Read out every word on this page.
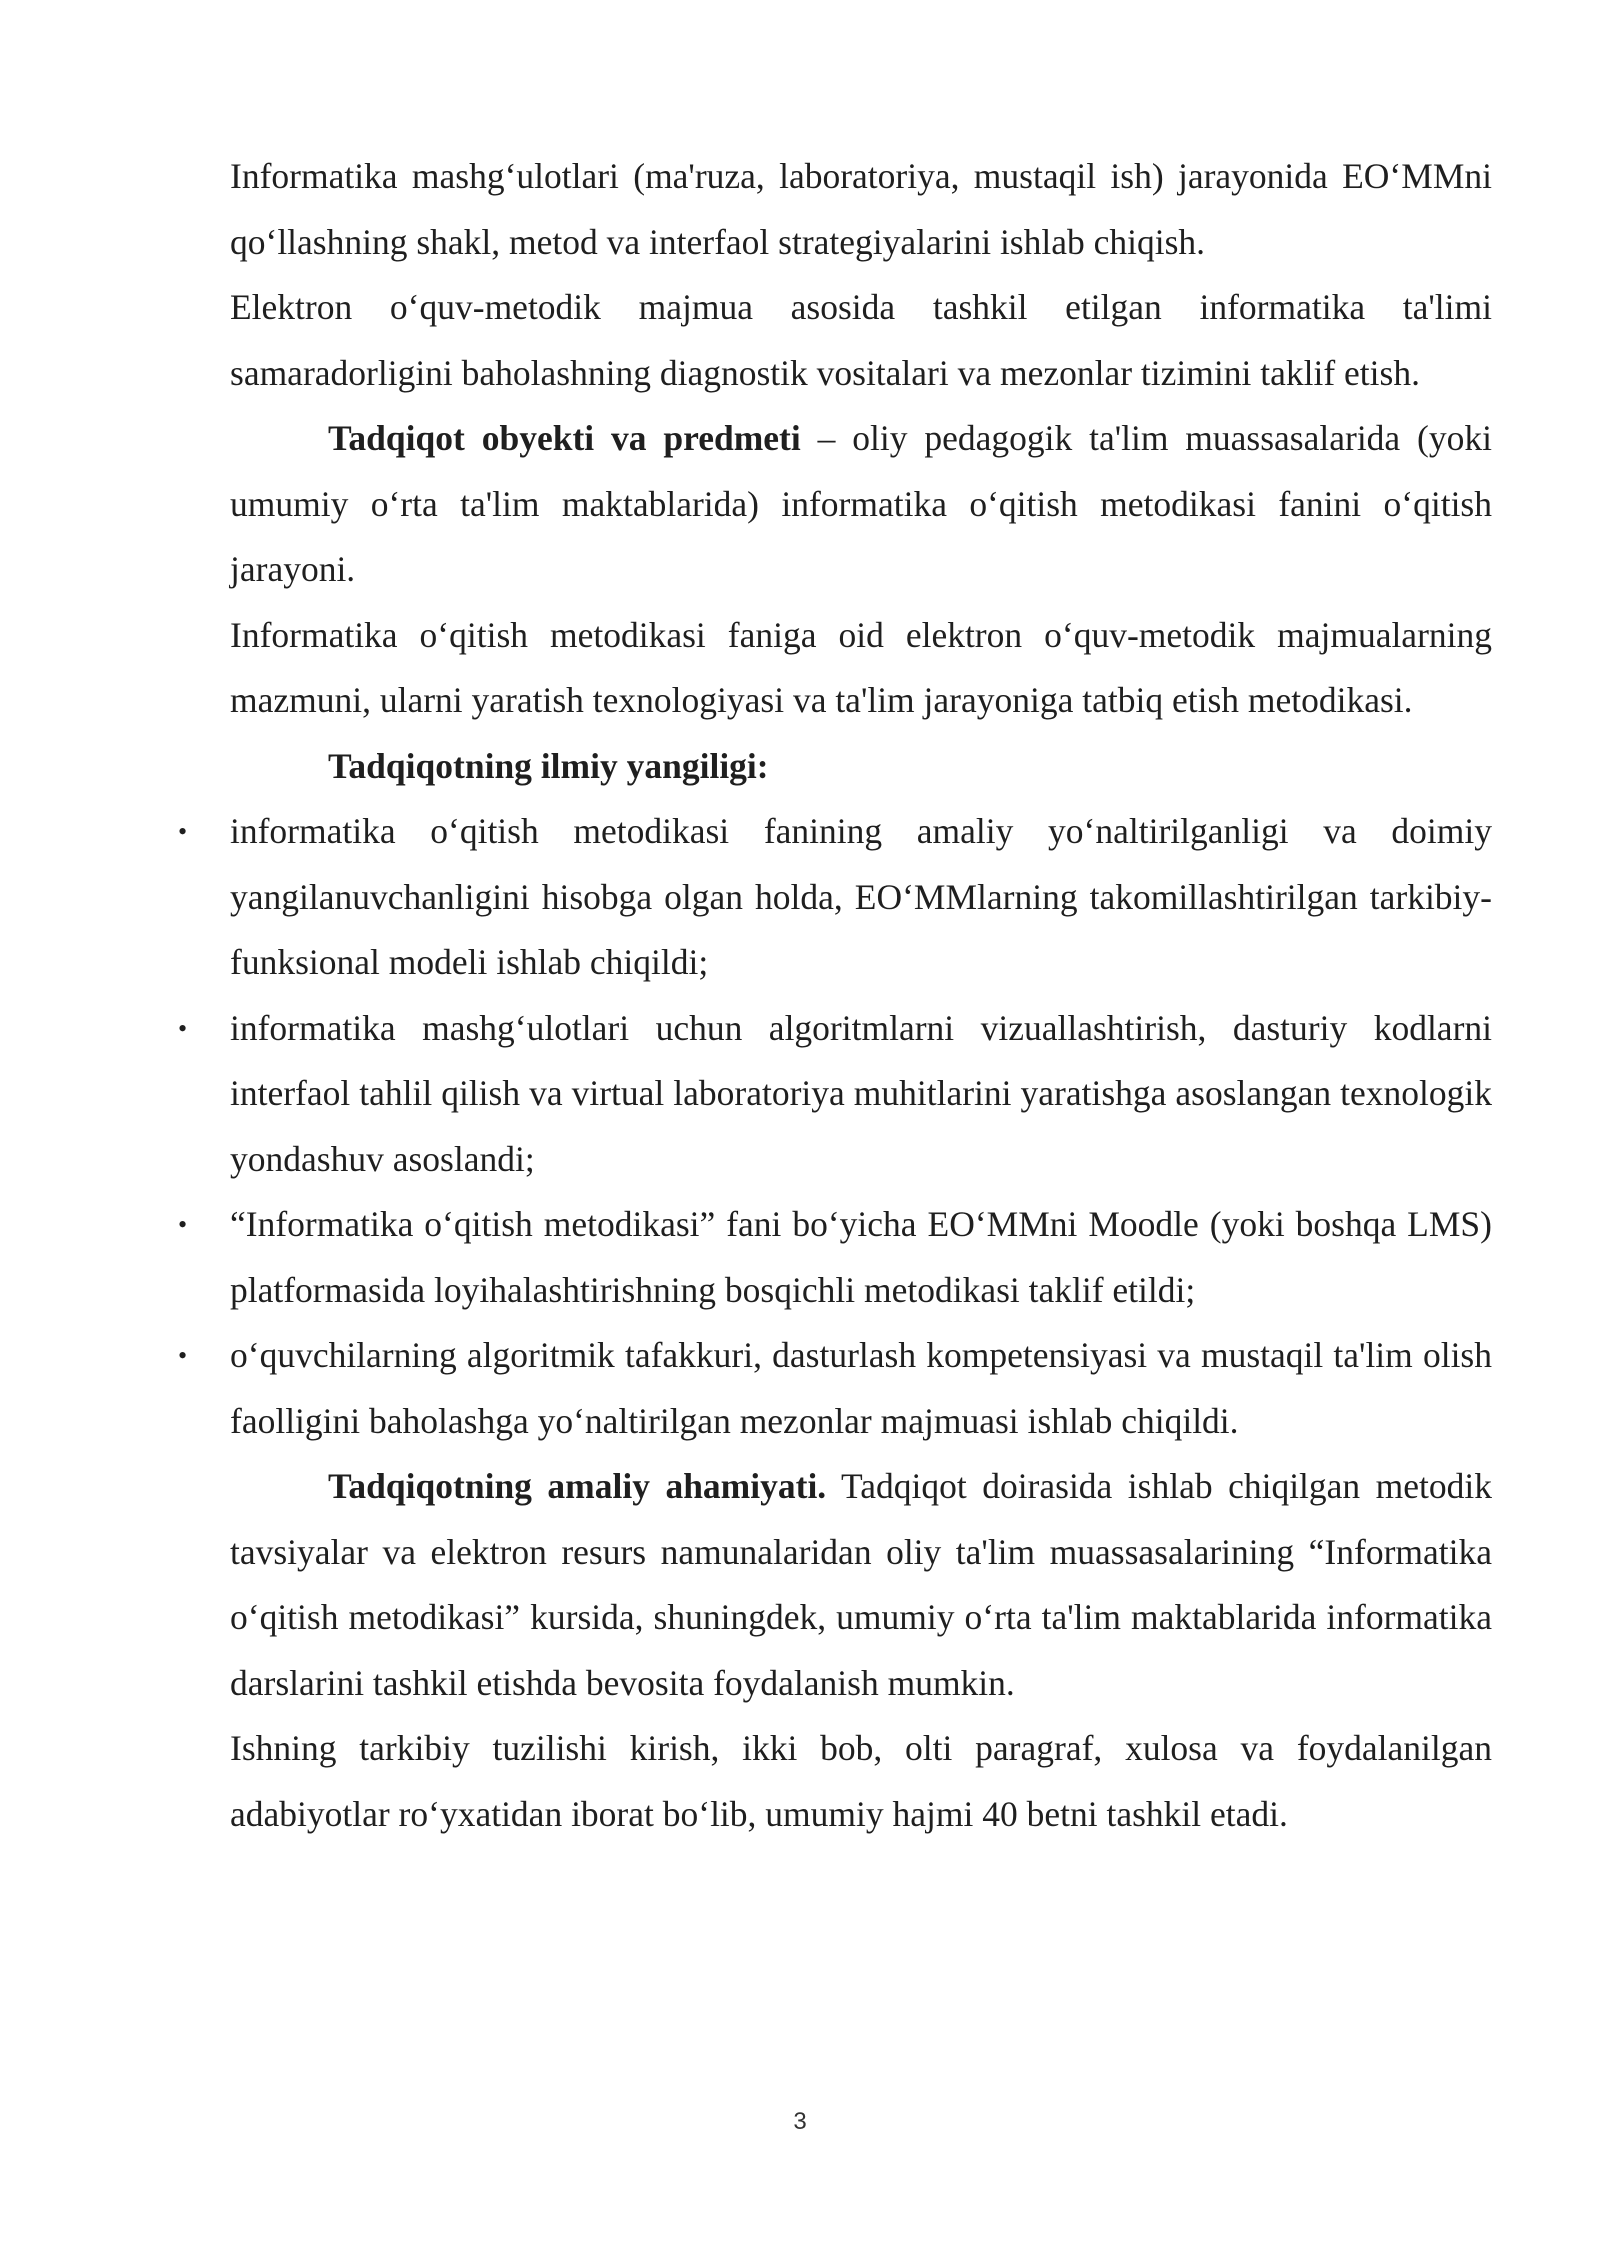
Informatika mashg‘ulotlari (ma'ruza, laboratoriya, mustaqil ish) jarayonida EO‘MMni qo‘llashning shakl, metod va interfaol strategiyalarini ishlab chiqish.

Elektron o‘quv-metodik majmua asosida tashkil etilgan informatika ta'limi samaradorligini baholashning diagnostik vositalari va mezonlar tizimini taklif etish.

Tadqiqot obyekti va predmeti – oliy pedagogik ta'lim muassasalarida (yoki umumiy o‘rta ta'lim maktablarida) informatika o‘qitish metodikasi fanini o‘qitish jarayoni.

Informatika o‘qitish metodikasi faniga oid elektron o‘quv-metodik majmualarning mazmuni, ularni yaratish texnologiyasi va ta'lim jarayoniga tatbiq etish metodikasi.

Tadqiqotning ilmiy yangiligi:

• informatika o‘qitish metodikasi fanining amaliy yo‘naltirilganligi va doimiy yangilanuvchanligini hisobga olgan holda, EO‘MMlarning takomillashtirilgan tarkibiy-funksional modeli ishlab chiqildi;
• informatika mashg‘ulotlari uchun algoritmlarni vizuallashtirish, dasturiy kodlarni interfaol tahlil qilish va virtual laboratoriya muhitlarini yaratishga asoslangan texnologik yondashuv asoslandi;
• “Informatika o‘qitish metodikasi” fani bo‘yicha EO‘MMni Moodle (yoki boshqa LMS) platformasida loyihalashtirishning bosqichli metodikasi taklif etildi;
• o‘quvchilarning algoritmik tafakkuri, dasturlash kompetensiyasi va mustaqil ta'lim olish faolligini baholashga yo‘naltirilgan mezonlar majmuasi ishlab chiqildi.

Tadqiqotning amaliy ahamiyati. Tadqiqot doirasida ishlab chiqilgan metodik tavsiyalar va elektron resurs namunalaridan oliy ta'lim muassasalarining “Informatika o‘qitish metodikasi” kursida, shuningdek, umumiy o‘rta ta'lim maktablarida informatika darslarini tashkil etishda bevosita foydalanish mumkin.

Ishning tarkibiy tuzilishi kirish, ikki bob, olti paragraf, xulosa va foydalanilgan adabiyotlar ro‘yxatidan iborat bo‘lib, umumiy hajmi 40 betni tashkil etadi.

3
